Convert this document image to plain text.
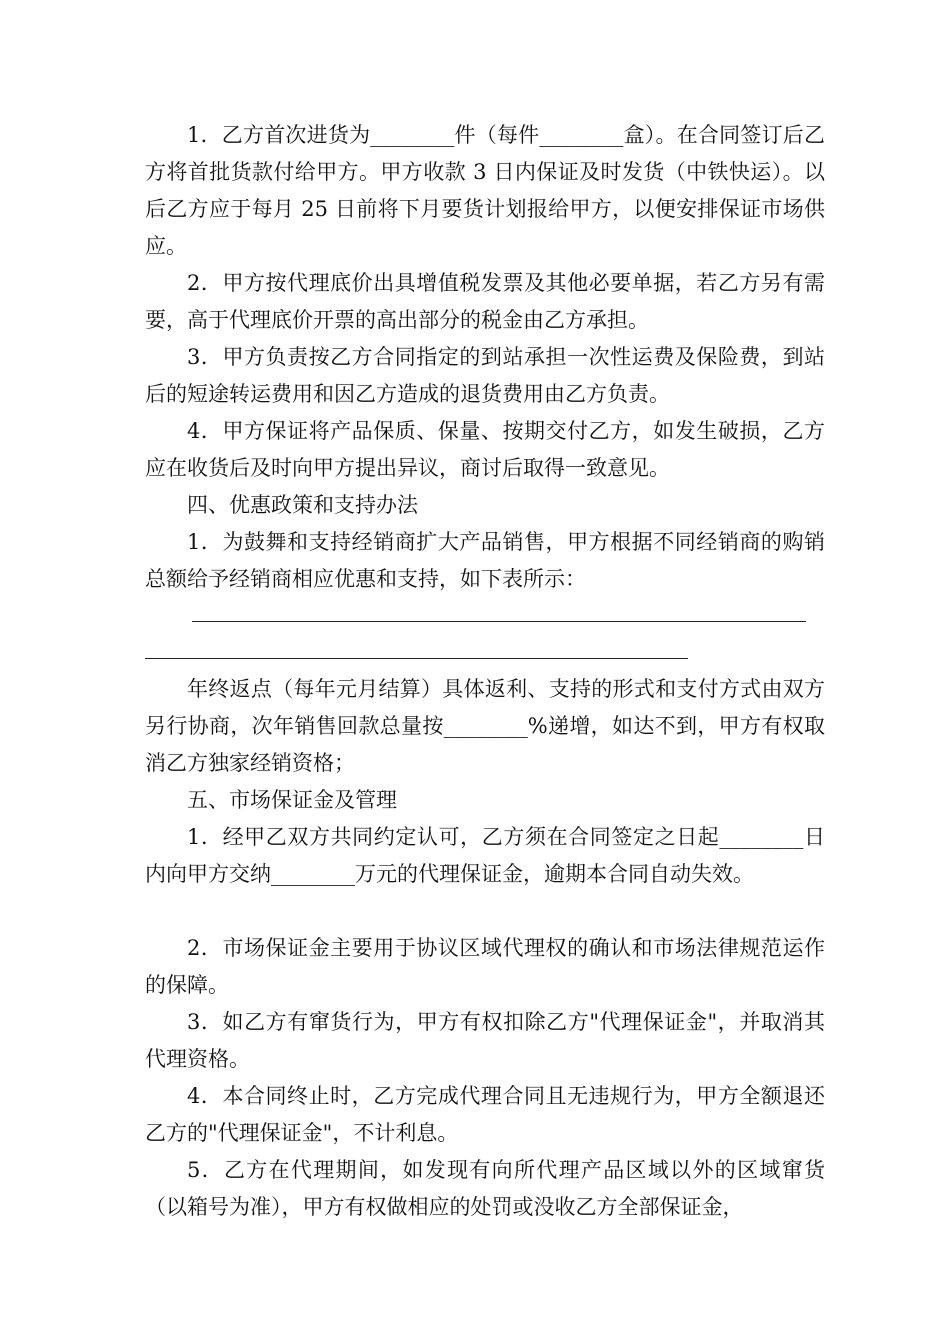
1．乙方首次进货为________件（每件________盒）。在合同签订后乙方将首批货款付给甲方。甲方收款 3 日内保证及时发货（中铁快运）。以后乙方应于每月 25 日前将下月要货计划报给甲方，以便安排保证市场供应。

2．甲方按代理底价出具增值税发票及其他必要单据，若乙方另有需要，高于代理底价开票的高出部分的税金由乙方承担。

3．甲方负责按乙方合同指定的到站承担一次性运费及保险费，到站后的短途转运费用和因乙方造成的退货费用由乙方负责。

4．甲方保证将产品保质、保量、按期交付乙方，如发生破损，乙方应在收货后及时向甲方提出异议，商讨后取得一致意见。

四、优惠政策和支持办法

1．为鼓舞和支持经销商扩大产品销售，甲方根据不同经销商的购销总额给予经销商相应优惠和支持，如下表所示：

年终返点（每年元月结算）具体返利、支持的形式和支付方式由双方另行协商，次年销售回款总量按________%递增，如达不到，甲方有权取消乙方独家经销资格；

五、市场保证金及管理

1．经甲乙双方共同约定认可，乙方须在合同签定之日起________日内向甲方交纳________万元的代理保证金，逾期本合同自动失效。

2．市场保证金主要用于协议区域代理权的确认和市场法律规范运作的保障。

3．如乙方有窜货行为，甲方有权扣除乙方"代理保证金"，并取消其代理资格。

4．本合同终止时，乙方完成代理合同且无违规行为，甲方全额退还乙方的"代理保证金"，不计利息。

5．乙方在代理期间，如发现有向所代理产品区域以外的区域窜货（以箱号为准），甲方有权做相应的处罚或没收乙方全部保证金，
